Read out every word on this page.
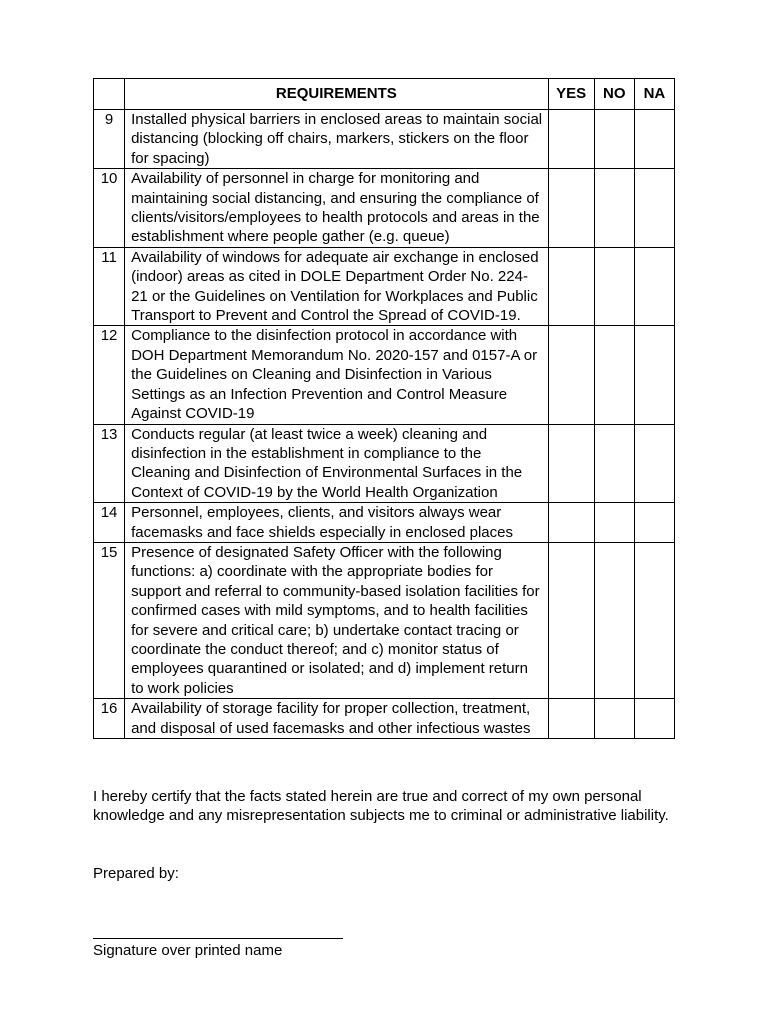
	REQUIREMENTS	YES	NO	NA
9	Installed physical barriers in enclosed areas to maintain social distancing (blocking off chairs, markers, stickers on the floor for spacing)			
10	Availability of personnel in charge for monitoring and maintaining social distancing, and ensuring the compliance of clients/visitors/employees to health protocols and areas in the establishment where people gather (e.g. queue)			
11	Availability of windows for adequate air exchange in enclosed (indoor) areas as cited in DOLE Department Order No. 224-21 or the Guidelines on Ventilation for Workplaces and Public Transport to Prevent and Control the Spread of COVID-19.			
12	Compliance to the disinfection protocol in accordance with DOH Department Memorandum No. 2020-157 and 0157-A or the Guidelines on Cleaning and Disinfection in Various Settings as an Infection Prevention and Control Measure Against COVID-19			
13	Conducts regular (at least twice a week) cleaning and disinfection in the establishment in compliance to the Cleaning and Disinfection of Environmental Surfaces in the Context of COVID-19 by the World Health Organization			
14	Personnel, employees, clients, and visitors always wear facemasks and face shields especially in enclosed places			
15	Presence of designated Safety Officer with the following functions: a) coordinate with the appropriate bodies for support and referral to community-based isolation facilities for confirmed cases with mild symptoms, and to health facilities for severe and critical care; b) undertake contact tracing or coordinate the conduct thereof; and c) monitor status of employees quarantined or isolated; and d) implement return to work policies			
16	Availability of storage facility for proper collection, treatment, and disposal of used facemasks and other infectious wastes			

I hereby certify that the facts stated herein are true and correct of my own personal knowledge and any misrepresentation subjects me to criminal or administrative liability.

Prepared by:

Signature over printed name
